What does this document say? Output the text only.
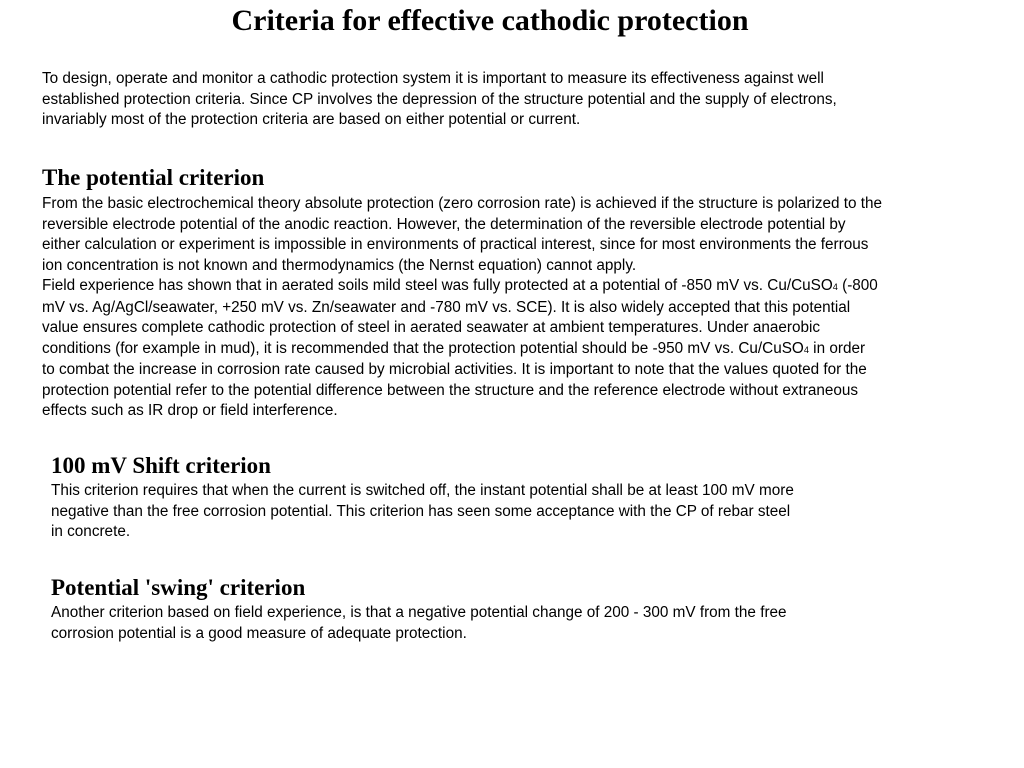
Criteria for effective cathodic protection

To design, operate and monitor a cathodic protection system it is important to measure its effectiveness against well
established protection criteria. Since CP involves the depression of the structure potential and the supply of electrons,
invariably most of the protection criteria are based on either potential or current.

The potential criterion

From the basic electrochemical theory absolute protection (zero corrosion rate) is achieved if the structure is polarized to the
reversible electrode potential of the anodic reaction. However, the determination of the reversible electrode potential by
either calculation or experiment is impossible in environments of practical interest, since for most environments the ferrous
ion concentration is not known and thermodynamics (the Nernst equation) cannot apply.
Field experience has shown that in aerated soils mild steel was fully protected at a potential of -850 mV vs. Cu/CuSO4 (-800
mV vs. Ag/AgCl/seawater, +250 mV vs. Zn/seawater and -780 mV vs. SCE). It is also widely accepted that this potential
value ensures complete cathodic protection of steel in aerated seawater at ambient temperatures. Under anaerobic
conditions (for example in mud), it is recommended that the protection potential should be -950 mV vs. Cu/CuSO4 in order
to combat the increase in corrosion rate caused by microbial activities. It is important to note that the values quoted for the
protection potential refer to the potential difference between the structure and the reference electrode without extraneous
effects such as IR drop or field interference.

100 mV Shift criterion

This criterion requires that when the current is switched off, the instant potential shall be at least 100 mV more
negative than the free corrosion potential. This criterion has seen some acceptance with the CP of rebar steel
in concrete.

Potential 'swing' criterion

Another criterion based on field experience, is that a negative potential change of 200 - 300 mV from the free
corrosion potential is a good measure of adequate protection.
